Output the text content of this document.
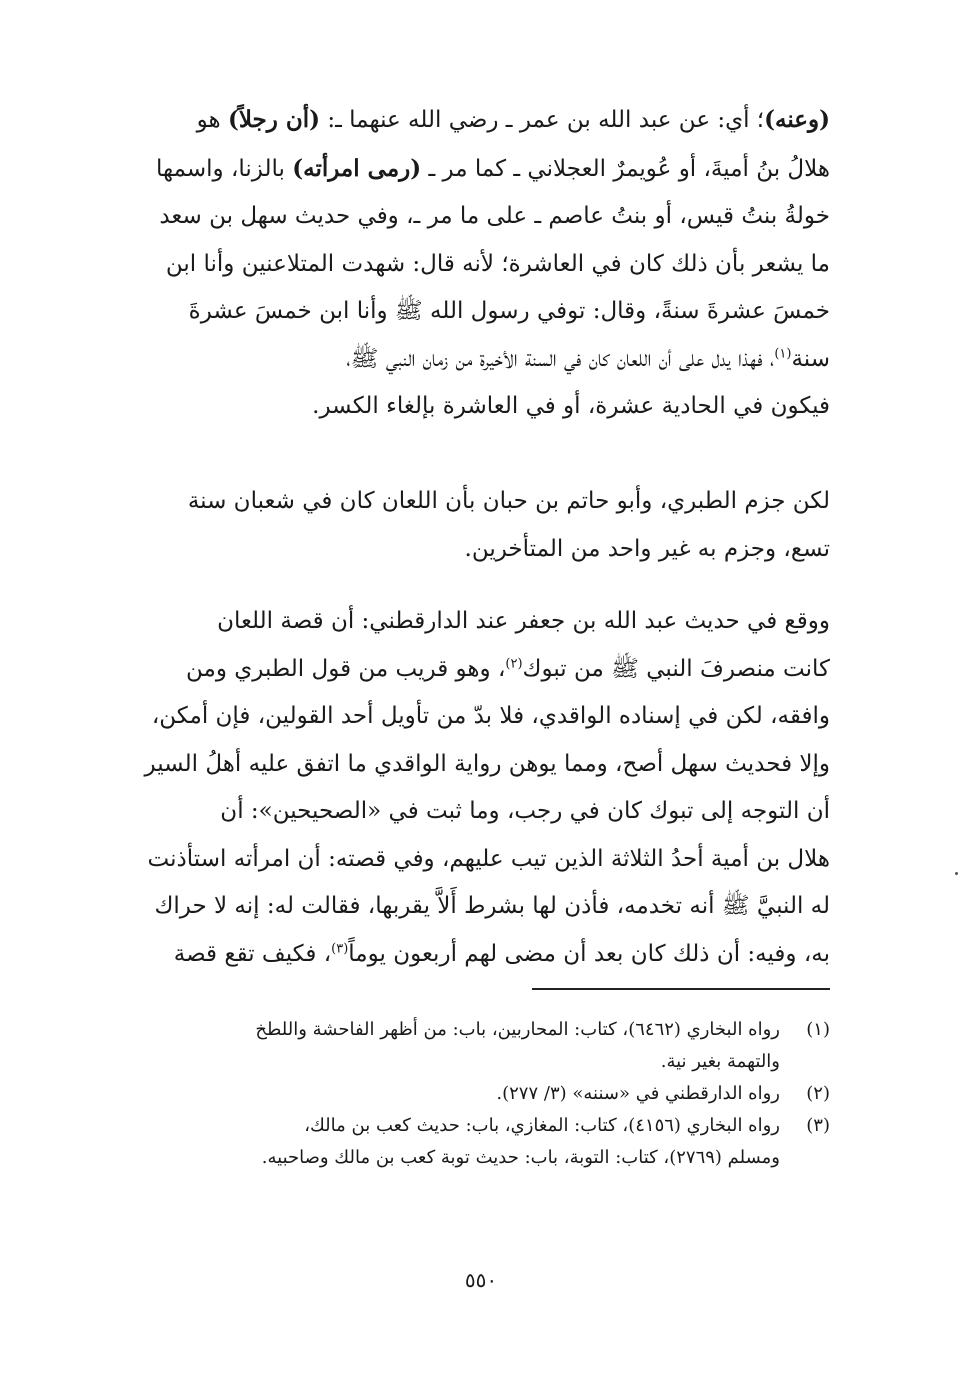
(وعنه)؛ أي: عن عبد الله بن عمر ـ رضي الله عنهما ـ: (أن رجلاً) هو
هلالُ بنُ أميةَ، أو عُويمرٌ العجلاني ـ كما مر ـ (رمى امرأته) بالزنا، واسمها
خولةُ بنتُ قيس، أو بنتُ عاصم ـ على ما مر ـ، وفي حديث سهل بن سعد
ما يشعر بأن ذلك كان في العاشرة؛ لأنه قال: شهدت المتلاعنين وأنا ابن
خمسَ عشرةَ سنةً، وقال: توفي رسول الله ﷺ وأنا ابن خمسَ عشرةَ
سنة$^{(١)}$، فهذا يدل على أن اللعان كان في السنة الأخيرة من زمان النبي ﷺ،
فيكون في الحادية عشرة، أو في العاشرة بإلغاء الكسر.
لكن جزم الطبري، وأبو حاتم بن حبان بأن اللعان كان في شعبان سنة
تسع، وجزم به غير واحد من المتأخرين.
ووقع في حديث عبد الله بن جعفر عند الدارقطني: أن قصة اللعان
كانت منصرفَ النبي ﷺ من تبوك$^{(٢)}$، وهو قريب من قول الطبري ومن
وافقه، لكن في إسناده الواقدي، فلا بدّ من تأويل أحد القولين، فإن أمكن،
وإلا فحديث سهل أصح، ومما يوهن رواية الواقدي ما اتفق عليه أهلُ السير
أن التوجه إلى تبوك كان في رجب، وما ثبت في «الصحيحين»: أن
هلال بن أمية أحدُ الثلاثة الذين تيب عليهم، وفي قصته: أن امرأته استأذنت
له النبيَّ ﷺ أنه تخدمه، فأذن لها بشرط أَلاَّ يقربها، فقالت له: إنه لا حراك
به، وفيه: أن ذلك كان بعد أن مضى لهم أربعون يوماً$^{(٣)}$، فكيف تقع قصة
(١)
رواه البخاري (٦٤٦٢)، كتاب: المحاربين، باب: من أظهر الفاحشة واللطخ
والتهمة بغير نية.
(٢)
رواه الدارقطني في «سننه» (٣/ ٢٧٧).
(٣)
رواه البخاري (٤١٥٦)، كتاب: المغازي، باب: حديث كعب بن مالك،
ومسلم (٢٧٦٩)، كتاب: التوبة، باب: حديث توبة كعب بن مالك وصاحبيه.
٥٥٠
